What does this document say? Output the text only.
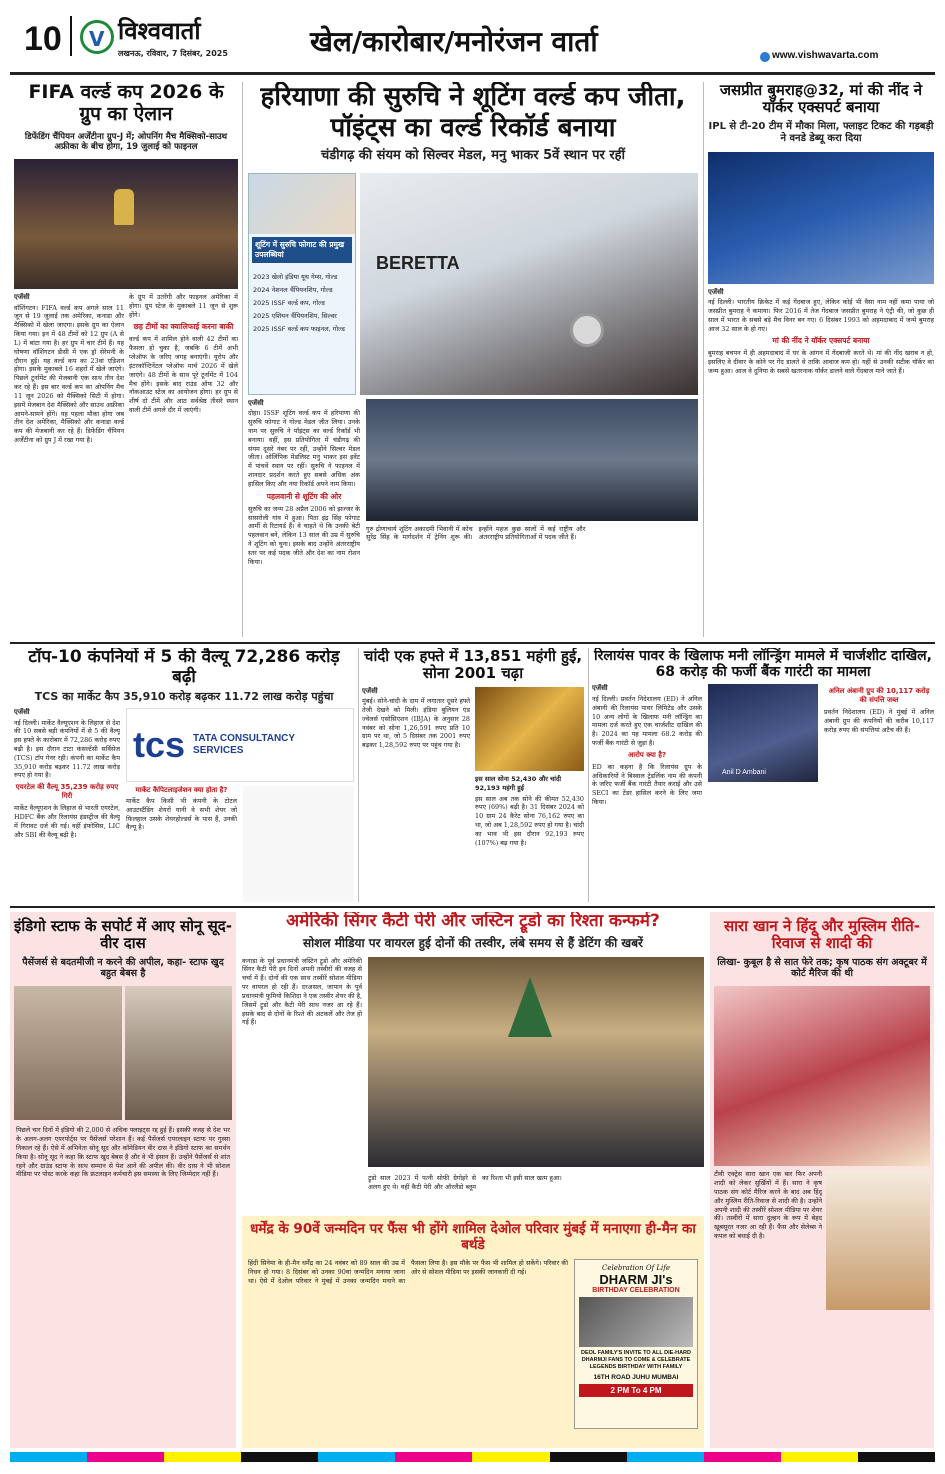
10 V विश्ववार्ता
लखनऊ, रविवार, 7 दिसंबर, 2025	खेल/कारोबार/मनोरंजन वार्ता	www.vishwavarta.com
FIFA वर्ल्ड कप 2026 के ग्रुप का ऐलान
डिफेंडिंग चैंपियन अर्जेंटीना ग्रुप-J में; ओपनिंग मैच मैक्सिको-साउथ अफ्रीका के बीच होगा, 19 जुलाई को फाइनल
एजेंसी
वॉशिंगटन। FIFA वर्ल्ड कप अगले साल 11 जून से 19 जुलाई तक अमेरिका, कनाडा और मैक्सिको में खेला जाएगा। इसके ग्रुप का ऐलान किया गया। इन में 48 टीमों को 12 ग्रुप (A से L) में बांटा गया है। हर ग्रुप में चार टीमें हैं। यह घोषणा वॉशिंगटन डीसी में एक ड्रॉ सेरेमनी के दौरान हुई। यह वर्ल्ड कप का 23वां एडिशन होगा। इसके मुकाबले 16 शहरों में खेले जाएंगे। पिछले टूर्नामेंट की मेजबानी एक साथ तीन देश कर रहे हैं। इस बार वर्ल्ड कप का ओपनिंग मैच 11 जून 2026 को मैक्सिको सिटी में होगा। इसमें मेजबान देश मैक्सिको और साउथ अफ्रीका आमने-सामने होंगे। यह पहला मौका होगा जब तीन देश अमेरिका, मैक्सिको और कनाडा वर्ल्ड कप की मेजबानी कर रहे हैं। डिफेंडिंग चैंपियन अर्जेंटीना को ग्रुप J में रखा गया है।
के ग्रुप में उतरेंगी और फाइनल अमेरिका में होगा। ग्रुप स्टेज के मुकाबले 11 जून से शुरू होंगे।
छह टीमों का क्वालिफाई करना बाकी
वर्ल्ड कप में शामिल होने वाली 42 टीमों का फैसला हो चुका है, जबकि 6 टीमें अभी प्लेऑफ के जरिए जगह बनाएंगी। यूरोप और इंटरकॉन्टिनेंटल प्लेऑफ मार्च 2026 में खेले जाएंगे। 48 टीमों के साथ पूरे टूर्नामेंट में 104 मैच होंगे। इसके बाद राउंड ऑफ 32 और नॉकआउट स्टेज का आयोजन होगा। हर ग्रुप से शीर्ष दो टीमें और आठ सर्वश्रेष्ठ तीसरे स्थान वाली टीमें अगले दौर में जाएंगी।
हरियाणा की सुरुचि ने शूटिंग वर्ल्ड कप जीता, पॉइंट्स का वर्ल्ड रिकॉर्ड बनाया
चंडीगढ़ की संयम को सिल्वर मेडल, मनु भाकर 5वें स्थान पर रहीं
शूटिंग में सुरुचि फोगाट की प्रमुख उपलब्धियां
2023 खेलो इंडिया यूथ गेम्स, गोल्ड
2024 नेशनल चैंपियनशिप, गोल्ड
2025 ISSF वर्ल्ड कप, गोल्ड
2025 एशियन चैंपियनशिप, सिल्वर
2025 ISSF वर्ल्ड कप फाइनल, गोल्ड
BERETTA
एजेंसी
दोहा। ISSF शूटिंग वर्ल्ड कप में हरियाणा की सुरुचि फोगाट ने गोल्ड मेडल जीत लिया। उनके नाम पर सुरुचि ने पॉइंट्स का वर्ल्ड रिकॉर्ड भी बनाया। वहीं, इस प्रतियोगिता में चंडीगढ़ की संयम दूसरे नंबर पर रहीं, उन्होंने सिल्वर मेडल जीता। ओलिंपिक मेडलिस्ट मनु भाकर इस इवेंट में पांचवें स्थान पर रहीं। सुरुचि ने फाइनल में शानदार प्रदर्शन करते हुए सबसे अधिक अंक हासिल किए और नया रिकॉर्ड अपने नाम किया।
पहलवानी से शूटिंग की ओर
सुरुचि का जन्म 28 अप्रैल 2006 को झज्जर के सासरोली गांव में हुआ। पिता इंद्र सिंह फोगाट आर्मी से रिटायर्ड हैं। वे चाहते थे कि उनकी बेटी पहलवान बने, लेकिन 13 साल की उम्र में सुरुचि ने शूटिंग को चुना। इसके बाद उन्होंने अंतरराष्ट्रीय स्तर पर कई पदक जीते और देश का नाम रोशन किया।
गुरु द्रोणाचार्य शूटिंग अकादमी भिवानी में कोच सुरेंद्र सिंह के मार्गदर्शन में ट्रेनिंग शुरू की। इन्होंने महज कुछ सालों में कई राष्ट्रीय और अंतरराष्ट्रीय प्रतियोगिताओं में पदक जीते हैं।
जसप्रीत बुमराह@32, मां की नींद ने यॉर्कर एक्सपर्ट बनाया
IPL से टी-20 टीम में मौका मिला, फ्लाइट टिकट की गड़बड़ी ने वनडे डेब्यू करा दिया
एजेंसी
नई दिल्ली। भारतीय क्रिकेट में कई गेंदबाज हुए, लेकिन कोई भी वैसा नाम नहीं कमा पाया जो जसप्रीत बुमराह ने कमाया। फिर 2016 में तेज गेंदबाज जसप्रीत बुमराह ने एंट्री की, जो कुछ ही साल में भारत के सबसे बड़े मैच विनर बन गए। 6 दिसंबर 1993 को अहमदाबाद में जन्मे बुमराह आज 32 साल के हो गए।
मां की नींद ने यॉर्कर एक्सपर्ट बनाया
बुमराह बचपन में ही अहमदाबाद में घर के आंगन में गेंदबाजी करते थे। मां की नींद खराब न हो, इसलिए वे दीवार के कोने पर गेंद डालते थे ताकि आवाज कम हो। यहीं से उनकी सटीक यॉर्कर का जन्म हुआ। आज वे दुनिया के सबसे खतरनाक यॉर्कर डालने वाले गेंदबाज माने जाते हैं।
टॉप-10 कंपनियों में 5 की वैल्यू 72,286 करोड़ बढ़ी
TCS का मार्केट कैप 35,910 करोड़ बढ़कर 11.72 लाख करोड़ पहुंचा
एजेंसी
नई दिल्ली। मार्केट वैल्यूएशन के लिहाज से देश की 10 सबसे बड़ी कंपनियों में से 5 की वैल्यू इस हफ्ते के कारोबार में 72,286 करोड़ रुपए बढ़ी है। इस दौरान टाटा कंसल्टेंसी सर्विसेज (TCS) टॉप गेनर रही। कंपनी का मार्केट कैप 35,910 करोड़ बढ़कर 11.72 लाख करोड़ रुपए हो गया है।
एयरटेल की वैल्यू 35,239 करोड़ रुपए गिरी
मार्केट वैल्यूएशन के लिहाज से भारती एयरटेल, HDFC बैंक और रिलायंस इंडस्ट्रीज की वैल्यू में गिरावट दर्ज की गई। वहीं इंफोसिस, LIC और SBI की वैल्यू बढ़ी है।
tcs TATA CONSULTANCY SERVICES
मार्केट कैपिटलाइजेशन क्या होता है?
मार्केट कैप किसी भी कंपनी के टोटल आउटस्टैंडिंग शेयरों यानी वे सभी शेयर जो फिलहाल उसके शेयरहोल्डर्स के पास हैं, उनकी वैल्यू है।
चांदी एक हफ्ते में 13,851 महंगी हुई, सोना 2001 चढ़ा
एजेंसी
मुंबई। सोने-चांदी के दाम में लगातार दूसरे हफ्ते तेजी देखने को मिली। इंडिया बुलियन एंड ज्वेलर्स एसोसिएशन (IBJA) के अनुसार 28 नवंबर को सोना 1,26,591 रुपए प्रति 10 ग्राम पर था, जो 5 दिसंबर तक 2001 रुपए बढ़कर 1,28,592 रुपए पर पहुंच गया है।
इस साल सोना 52,430 और चांदी 92,193 महंगी हुई
इस साल अब तक सोने की कीमत 52,430 रुपए (69%) बढ़ी है। 31 दिसंबर 2024 को 10 ग्राम 24 कैरेट सोना 76,162 रुपए का था, जो अब 1,28,592 रुपए हो गया है। चांदी का भाव भी इस दौरान 92,193 रुपए (107%) बढ़ गया है।
रिलायंस पावर के खिलाफ मनी लॉन्ड्रिंग मामले में चार्जशीट दाखिल, 68 करोड़ की फर्जी बैंक गारंटी का मामला
एजेंसी
नई दिल्ली। प्रवर्तन निदेशालय (ED) ने अनिल अंबानी की रिलायंस पावर लिमिटेड और उसके 10 अन्य लोगों के खिलाफ मनी लॉन्ड्रिंग का मामला दर्ज करते हुए एक चार्जशीट दाखिल की है। 2024 का यह मामला 68.2 करोड़ की फर्जी बैंक गारंटी से जुड़ा है।
आरोप क्या है?
ED का कहना है कि रिलायंस ग्रुप के अधिकारियों ने बिस्वाल ट्रेडलिंक नाम की कंपनी के जरिए फर्जी बैंक गारंटी तैयार कराई और उसे SECI का टेंडर हासिल करने के लिए जमा किया।
Anil D Ambani
अनिल अंबानी ग्रुप की 10,117 करोड़ की संपत्ति जब्त
प्रवर्तन निदेशालय (ED) ने मुंबई में अनिल अंबानी ग्रुप की कंपनियों की करीब 10,117 करोड़ रुपए की संपत्तियां अटैच की हैं।
इंडिगो स्टाफ के सपोर्ट में आए सोनू सूद-वीर दास
पैसेंजर्स से बदतमीजी न करने की अपील, कहा- स्टाफ खुद बहुत बेबस है
पिछले चार दिनों में इंडिगो की 2,000 से अधिक फ्लाइट्स रद्द हुई हैं। इसकी वजह से देश भर के अलग-अलग एयरपोर्ट्स पर पैसेंजर्स परेशान हैं। कई पैसेंजर्स एयरलाइन स्टाफ पर गुस्सा निकाल रहे हैं। ऐसे में अभिनेता सोनू सूद और कॉमेडियन वीर दास ने इंडिगो स्टाफ का समर्थन किया है। सोनू सूद ने कहा कि स्टाफ खुद बेबस है और वे भी इंसान हैं। उन्होंने पैसेंजर्स से शांत रहने और ग्राउंड स्टाफ के साथ सम्मान से पेश आने की अपील की। वीर दास ने भी सोशल मीडिया पर पोस्ट करके कहा कि फ्रंटलाइन कर्मचारी इस समस्या के लिए जिम्मेदार नहीं हैं।
अमेरिकी सिंगर कैटी पेरी और जस्टिन ट्रूडो का रिश्ता कन्फर्म?
सोशल मीडिया पर वायरल हुई दोनों की तस्वीर, लंबे समय से हैं डेटिंग की खबरें
कनाडा के पूर्व प्रधानमंत्री जस्टिन ट्रूडो और अमेरिकी सिंगर कैटी पेरी इन दिनों अपनी तस्वीरों की वजह से चर्चा में हैं। दोनों की एक साथ तस्वीरें सोशल मीडिया पर वायरल हो रही हैं। दरअसल, जापान के पूर्व प्रधानमंत्री फुमियो किशिदा ने एक तस्वीर शेयर की है, जिसमें ट्रूडो और कैटी पेरी साथ नजर आ रहे हैं। इसके बाद से दोनों के रिश्ते की अटकलें और तेज हो गई हैं।
ट्रूडो साल 2023 में पत्नी सोफी ग्रेगोइरे से अलग हुए थे। वहीं कैटी पेरी और ऑरलैंडो ब्लूम का रिश्ता भी इसी साल खत्म हुआ।
धर्मेंद्र के 90वें जन्मदिन पर फैंस भी होंगे शामिल देओल परिवार मुंबई में मनाएगा ही-मैन का बर्थडे
हिंदी सिनेमा के ही-मैन धर्मेंद्र का 24 नवंबर को 89 साल की उम्र में निधन हो गया। 8 दिसंबर को उनका 90वां जन्मदिन मनाया जाना था। ऐसे में देओल परिवार ने मुंबई में उनका जन्मदिन मनाने का फैसला लिया है। इस मौके पर फैंस भी शामिल हो सकेंगे। परिवार की ओर से सोशल मीडिया पर इसकी जानकारी दी गई।	Celebration Of Life
DHARM JI's
BIRTHDAY CELEBRATION
DEOL FAMILY'S INVITE TO ALL DIE-HARD DHARMJI FANS TO COME & CELEBRATE LEGENDS BIRTHDAY WITH FAMILY
16TH ROAD JUHU MUMBAI
2 PM To 4 PM
सारा खान ने हिंदू और मुस्लिम रीति-रिवाज से शादी की
लिखा- कुबूल है से सात फेरे तक; कृष पाठक संग अक्टूबर में कोर्ट मैरिज की थी
टीवी एक्ट्रेस सारा खान एक बार फिर अपनी शादी को लेकर सुर्खियों में हैं। सारा ने कृष पाठक संग कोर्ट मैरिज करने के बाद अब हिंदू और मुस्लिम रीति-रिवाज से शादी की है। उन्होंने अपनी शादी की तस्वीरें सोशल मीडिया पर शेयर कीं। तस्वीरों में सारा दुल्हन के रूप में बेहद खूबसूरत नजर आ रही हैं। फैंस और सेलेब्स ने कपल को बधाई दी है।
